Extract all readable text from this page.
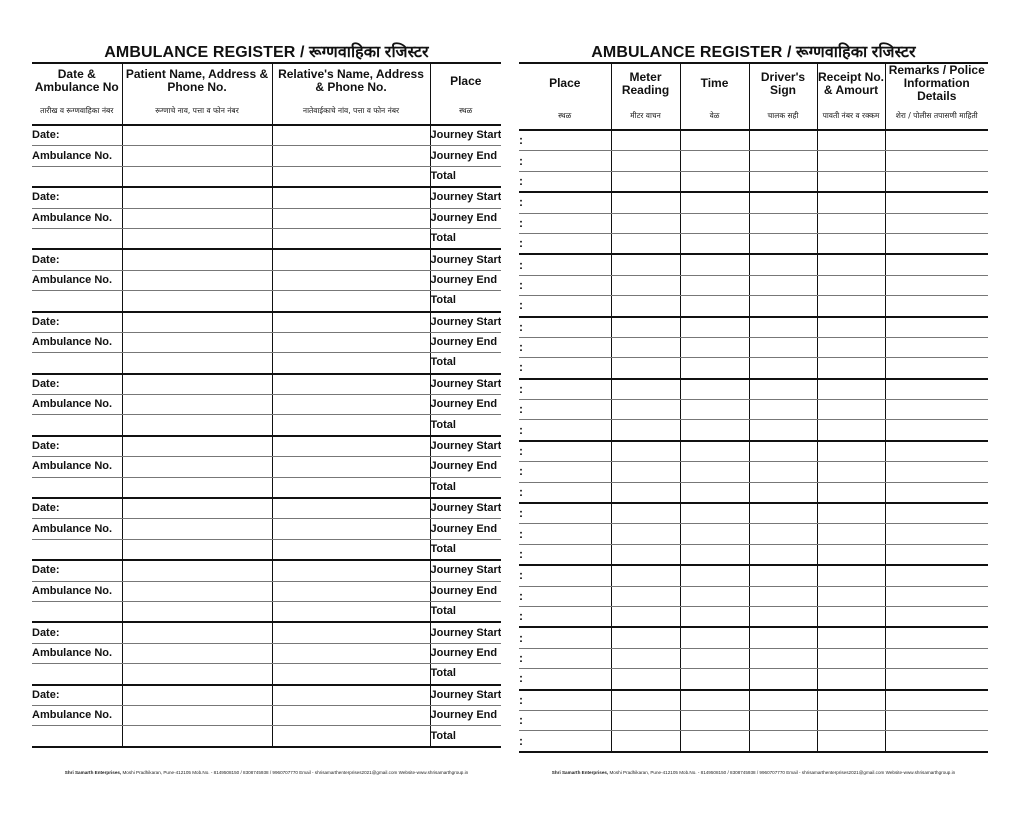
AMBULANCE REGISTER / रूग्णवाहिका रजिस्टर
Date & Ambulance No	Patient Name, Address & Phone No.	Relative's Name, Address & Phone No.	Place
तारीख व रूग्णवाहिका नंबर	रूग्णाचे नाव, पत्ता व फोन नंबर	नातेवाईकाचे नांव, पत्ता व फोन नंबर	स्थळ
Date:			Journey Start
Ambulance No.			Journey End
			Total
Date:			Journey Start
Ambulance No.			Journey End
			Total
Date:			Journey Start
Ambulance No.			Journey End
			Total
Date:			Journey Start
Ambulance No.			Journey End
			Total
Date:			Journey Start
Ambulance No.			Journey End
			Total
Date:			Journey Start
Ambulance No.			Journey End
			Total
Date:			Journey Start
Ambulance No.			Journey End
			Total
Date:			Journey Start
Ambulance No.			Journey End
			Total
Date:			Journey Start
Ambulance No.			Journey End
			Total
Date:			Journey Start
Ambulance No.			Journey End
			Total
Shri Samarth Enterprises, Moshi Pradhikaran, Pune-412105 Mob.No. - 8149508150 / 8308745938 / 9960707770 Email - shrisamarthenterprises2021@gmail.com Website-www.shrisamarthgroup.in
AMBULANCE REGISTER / रूग्णवाहिका रजिस्टर
Place	Meter Reading	Time	Driver's Sign	Receipt No. & Amourt	Remarks / Police Information Details
स्थळ	मीटर वाचन	वेळ	चालक सही	पावती नंबर व रक्कम	शेरा / पोलीस तपासणी माहिती
:					
:					
:					
:					
:					
:					
:					
:					
:					
:					
:					
:					
:					
:					
:					
:					
:					
:					
:					
:					
:					
:					
:					
:					
:					
:					
:					
:					
:					
:					
Shri Samarth Enterprises, Moshi Pradhikaran, Pune-412105 Mob.No. - 8149508150 / 8308745938 / 9960707770 Email - shrisamarthenterprises2021@gmail.com Website-www.shrisamarthgroup.in
